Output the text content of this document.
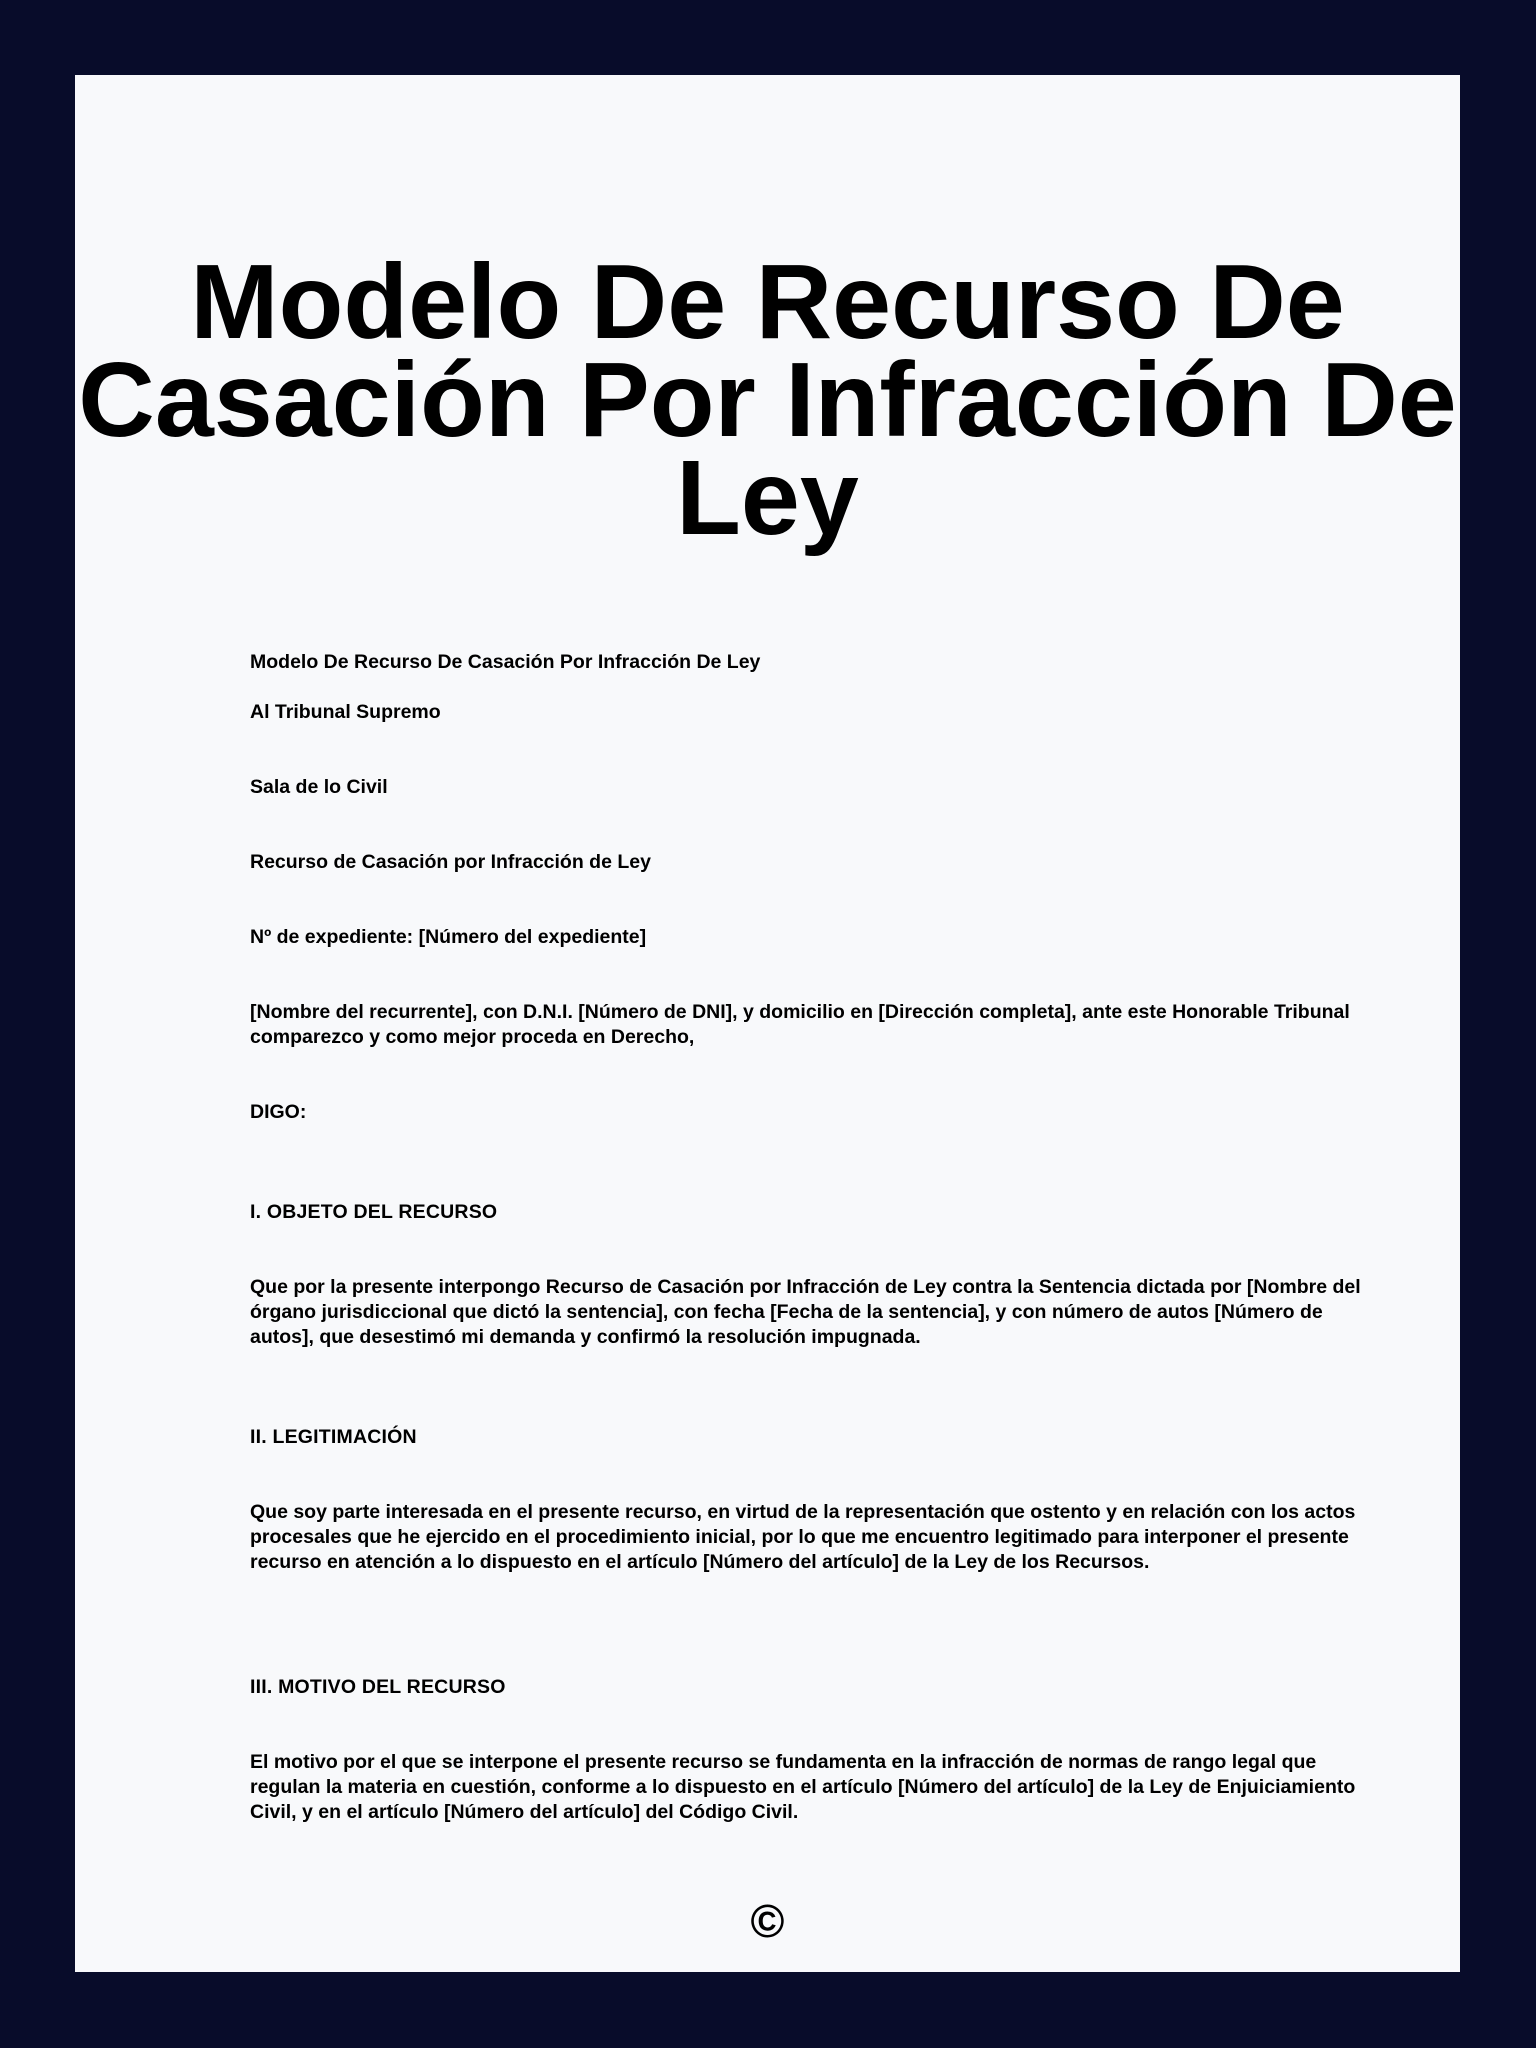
Modelo De Recurso De Casación Por Infracción De Ley

Modelo De Recurso De Casación Por Infracción De Ley

Al Tribunal Supremo

Sala de lo Civil

Recurso de Casación por Infracción de Ley

Nº de expediente: [Número del expediente]

[Nombre del recurrente], con D.N.I. [Número de DNI], y domicilio en [Dirección completa], ante este Honorable Tribunal comparezco y como mejor proceda en Derecho,

DIGO:

I. OBJETO DEL RECURSO

Que por la presente interpongo Recurso de Casación por Infracción de Ley contra la Sentencia dictada por [Nombre del órgano jurisdiccional que dictó la sentencia], con fecha [Fecha de la sentencia], y con número de autos [Número de autos], que desestimó mi demanda y confirmó la resolución impugnada.

II. LEGITIMACIÓN

Que soy parte interesada en el presente recurso, en virtud de la representación que ostento y en relación con los actos procesales que he ejercido en el procedimiento inicial, por lo que me encuentro legitimado para interponer el presente recurso en atención a lo dispuesto en el artículo [Número del artículo] de la Ley de los Recursos.

III. MOTIVO DEL RECURSO

El motivo por el que se interpone el presente recurso se fundamenta en la infracción de normas de rango legal que regulan la materia en cuestión, conforme a lo dispuesto en el artículo [Número del artículo] de la Ley de Enjuiciamiento Civil, y en el artículo [Número del artículo] del Código Civil.

©
